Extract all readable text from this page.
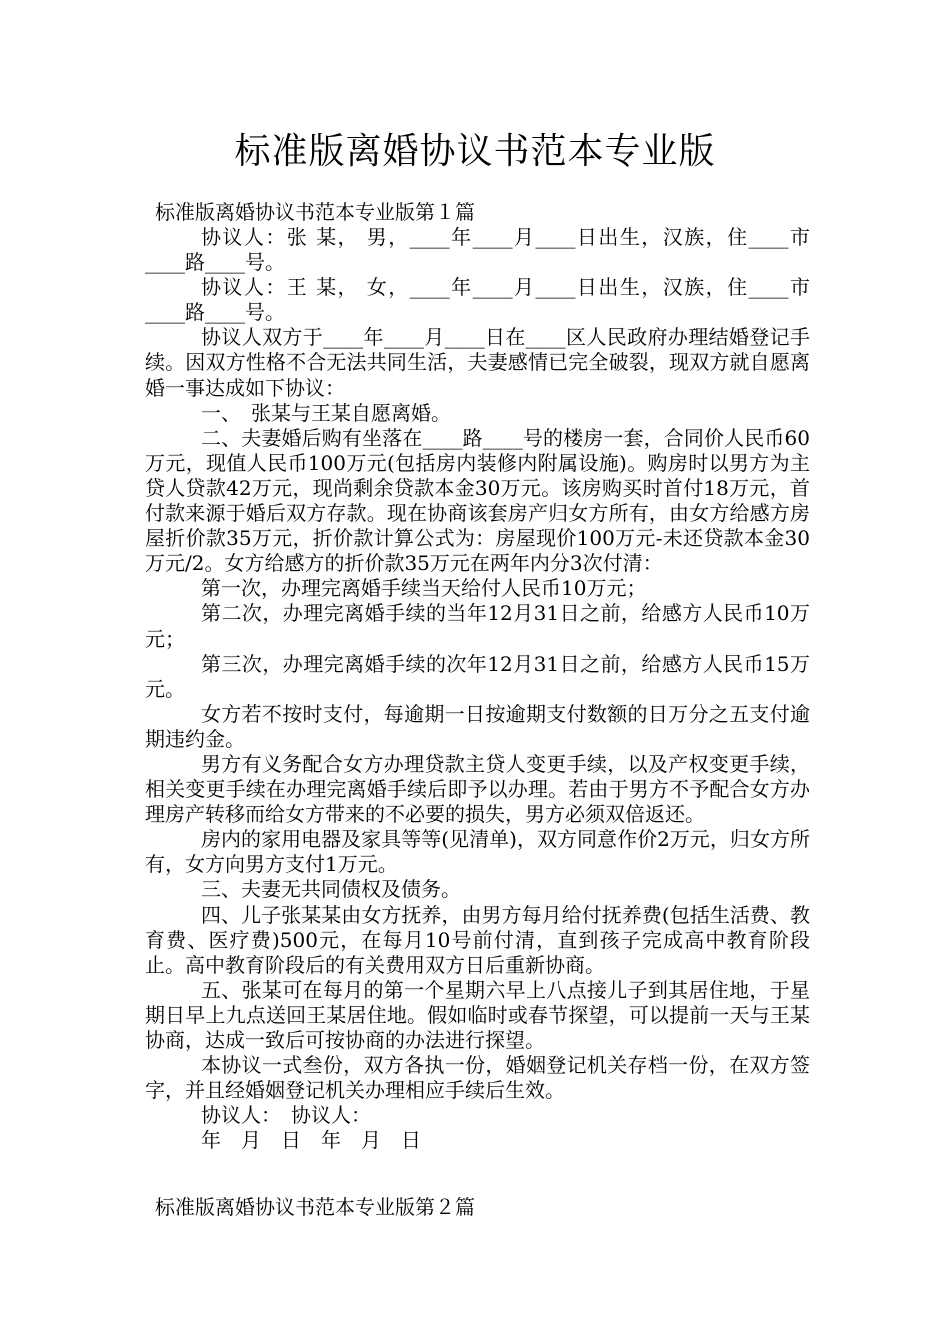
标准版离婚协议书范本专业版
标准版离婚协议书范本专业版第１篇

协议人：张 某， 男，____年____月____日出生，汉族，住____市____路____号。

协议人：王 某， 女，____年____月____日出生，汉族，住____市____路____号。

协议人双方于____年____月____日在____区人民政府办理结婚登记手续。因双方性格不合无法共同生活，夫妻感情已完全破裂，现双方就自愿离婚一事达成如下协议：

一、　张某与王某自愿离婚。

二、夫妻婚后购有坐落在____路____号的楼房一套，合同价人民币60万元，现值人民币100万元(包括房内装修内附属设施)。购房时以男方为主贷人贷款42万元，现尚剩余贷款本金30万元。该房购买时首付18万元，首付款来源于婚后双方存款。现在协商该套房产归女方所有，由女方给感方房屋折价款35万元，折价款计算公式为：房屋现价100万元-未还贷款本金30万元/2。女方给感方的折价款35万元在两年内分3次付清：

第一次，办理完离婚手续当天给付人民币10万元；

第二次，办理完离婚手续的当年12月31日之前，给感方人民币10万元；

第三次，办理完离婚手续的次年12月31日之前，给感方人民币15万元。

女方若不按时支付，每逾期一日按逾期支付数额的日万分之五支付逾期违约金。

男方有义务配合女方办理贷款主贷人变更手续，以及产权变更手续，相关变更手续在办理完离婚手续后即予以办理。若由于男方不予配合女方办理房产转移而给女方带来的不必要的损失，男方必须双倍返还。

房内的家用电器及家具等等(见清单)，双方同意作价2万元，归女方所有，女方向男方支付1万元。

三、夫妻无共同债权及债务。

四、儿子张某某由女方抚养，由男方每月给付抚养费(包括生活费、教育费、医疗费)500元，在每月10号前付清，直到孩子完成高中教育阶段止。高中教育阶段后的有关费用双方日后重新协商。

五、张某可在每月的第一个星期六早上八点接儿子到其居住地，于星期日早上九点送回王某居住地。假如临时或春节探望，可以提前一天与王某协商，达成一致后可按协商的办法进行探望。

本协议一式叁份，双方各执一份，婚姻登记机关存档一份，在双方签字，并且经婚姻登记机关办理相应手续后生效。

协议人：　协议人：

年　月　日　年　月　日

标准版离婚协议书范本专业版第２篇
